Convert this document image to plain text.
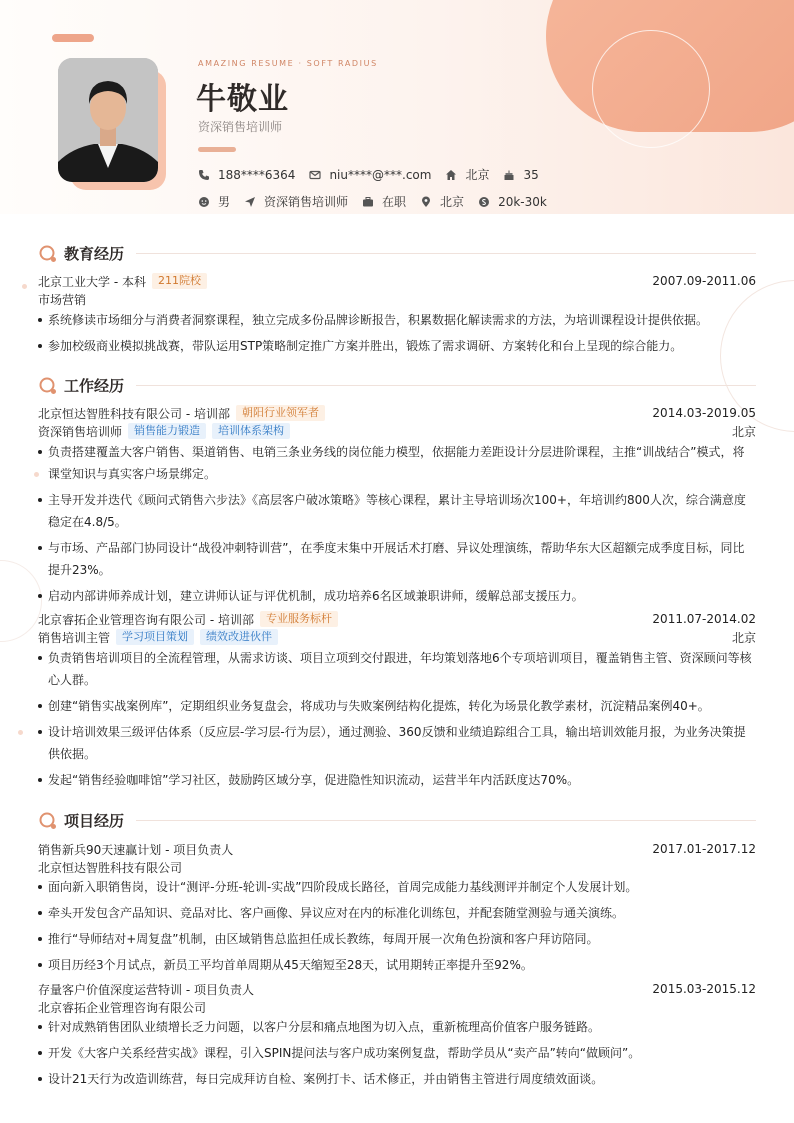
AMAZING RESUME · SOFT RADIUS
牛敬业
资深销售培训师
188****6364	niu****@***.com	北京	35
男	资深销售培训师	在职	北京	20k-30k
教育经历
北京工业大学 - 本科	211院校	2007.09-2011.06
市场营销
系统修读市场细分与消费者洞察课程，独立完成多份品牌诊断报告，积累数据化解读需求的方法，为培训课程设计提供依据。
参加校级商业模拟挑战赛，带队运用STP策略制定推广方案并胜出，锻炼了需求调研、方案转化和台上呈现的综合能力。
工作经历
北京恒达智胜科技有限公司 - 培训部	朝阳行业领军者	2014.03-2019.05
资深销售培训师	销售能力锻造	培训体系架构	北京
负责搭建覆盖大客户销售、渠道销售、电销三条业务线的岗位能力模型，依据能力差距设计分层进阶课程，主推“训战结合”模式，将课堂知识与真实客户场景绑定。
主导开发并迭代《顾问式销售六步法》《高层客户破冰策略》等核心课程，累计主导培训场次100+，年培训约800人次，综合满意度稳定在4.8/5。
与市场、产品部门协同设计“战役冲刺特训营”，在季度末集中开展话术打磨、异议处理演练，帮助华东大区超额完成季度目标，同比提升23%。
启动内部讲师养成计划，建立讲师认证与评优机制，成功培养6名区域兼职讲师，缓解总部支援压力。
北京睿拓企业管理咨询有限公司 - 培训部	专业服务标杆	2011.07-2014.02
销售培训主管	学习项目策划	绩效改进伙伴	北京
负责销售培训项目的全流程管理，从需求访谈、项目立项到交付跟进，年均策划落地6个专项培训项目，覆盖销售主管、资深顾问等核心人群。
创建“销售实战案例库”，定期组织业务复盘会，将成功与失败案例结构化提炼，转化为场景化教学素材，沉淀精品案例40+。
设计培训效果三级评估体系（反应层-学习层-行为层），通过测验、360反馈和业绩追踪组合工具，输出培训效能月报，为业务决策提供依据。
发起“销售经验咖啡馆”学习社区，鼓励跨区域分享，促进隐性知识流动，运营半年内活跃度达70%。
项目经历
销售新兵90天速赢计划 - 项目负责人	2017.01-2017.12
北京恒达智胜科技有限公司
面向新入职销售岗，设计“测评-分班-轮训-实战”四阶段成长路径，首周完成能力基线测评并制定个人发展计划。
牵头开发包含产品知识、竞品对比、客户画像、异议应对在内的标准化训练包，并配套随堂测验与通关演练。
推行“导师结对+周复盘”机制，由区域销售总监担任成长教练，每周开展一次角色扮演和客户拜访陪同。
项目历经3个月试点，新员工平均首单周期从45天缩短至28天，试用期转正率提升至92%。
存量客户价值深度运营特训 - 项目负责人	2015.03-2015.12
北京睿拓企业管理咨询有限公司
针对成熟销售团队业绩增长乏力问题，以客户分层和痛点地图为切入点，重新梳理高价值客户服务链路。
开发《大客户关系经营实战》课程，引入SPIN提问法与客户成功案例复盘，帮助学员从“卖产品”转向“做顾问”。
设计21天行为改造训练营，每日完成拜访自检、案例打卡、话术修正，并由销售主管进行周度绩效面谈。
